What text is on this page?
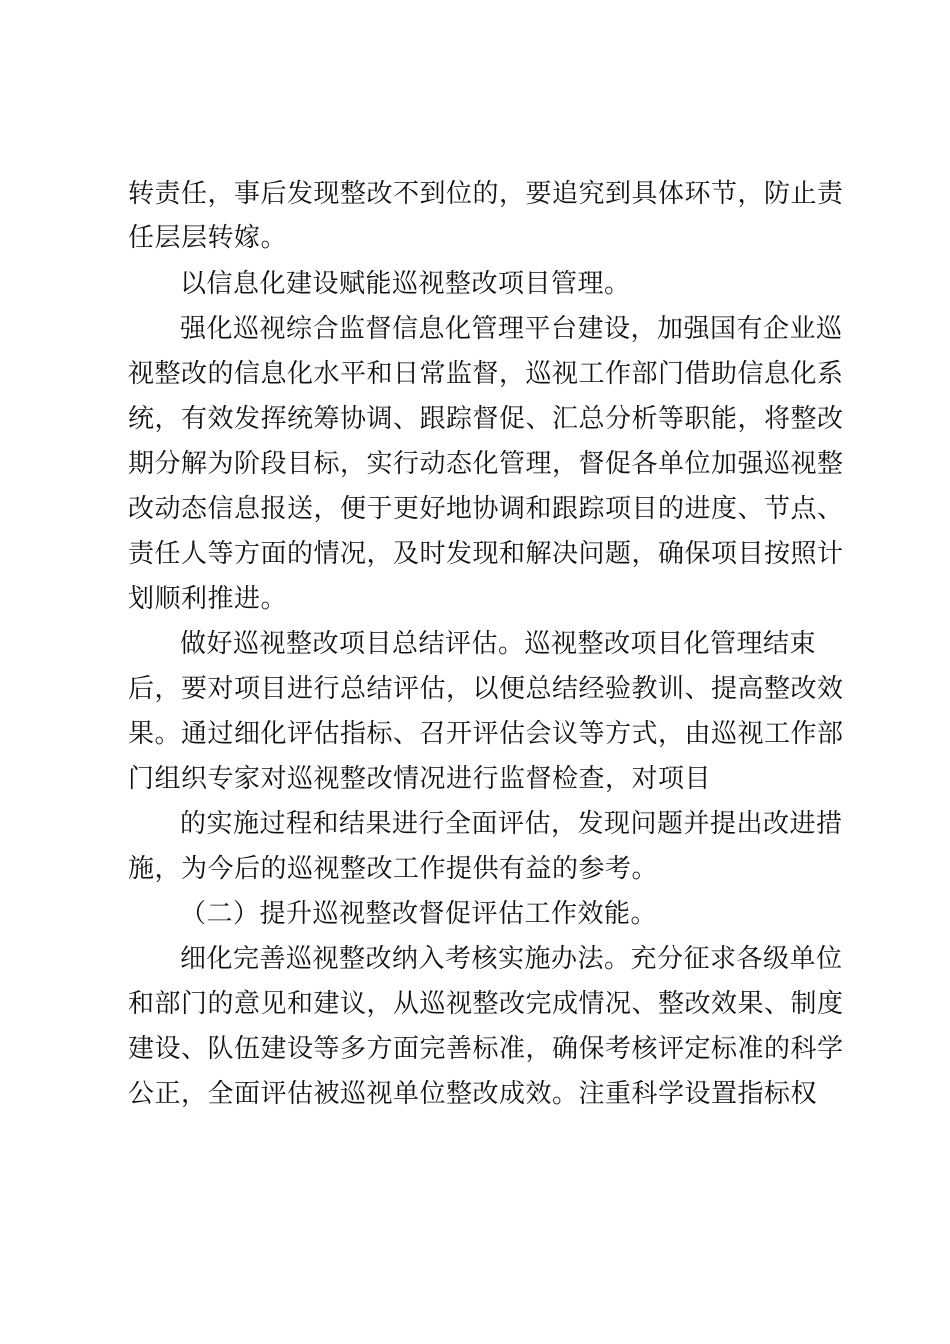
转责任，事后发现整改不到位的，要追究到具体环节，防止责
任层层转嫁。
以信息化建设赋能巡视整改项目管理。
强化巡视综合监督信息化管理平台建设，加强国有企业巡
视整改的信息化水平和日常监督，巡视工作部门借助信息化系
统，有效发挥统筹协调、跟踪督促、汇总分析等职能，将整改
期分解为阶段目标，实行动态化管理，督促各单位加强巡视整
改动态信息报送，便于更好地协调和跟踪项目的进度、节点、
责任人等方面的情况，及时发现和解决问题，确保项目按照计
划顺利推进。
做好巡视整改项目总结评估。巡视整改项目化管理结束
后，要对项目进行总结评估，以便总结经验教训、提高整改效
果。通过细化评估指标、召开评估会议等方式，由巡视工作部
门组织专家对巡视整改情况进行监督检查，对项目
的实施过程和结果进行全面评估，发现问题并提出改进措
施，为今后的巡视整改工作提供有益的参考。
（二）提升巡视整改督促评估工作效能。
细化完善巡视整改纳入考核实施办法。充分征求各级单位
和部门的意见和建议，从巡视整改完成情况、整改效果、制度
建设、队伍建设等多方面完善标准，确保考核评定标准的科学
公正，全面评估被巡视单位整改成效。注重科学设置指标权
